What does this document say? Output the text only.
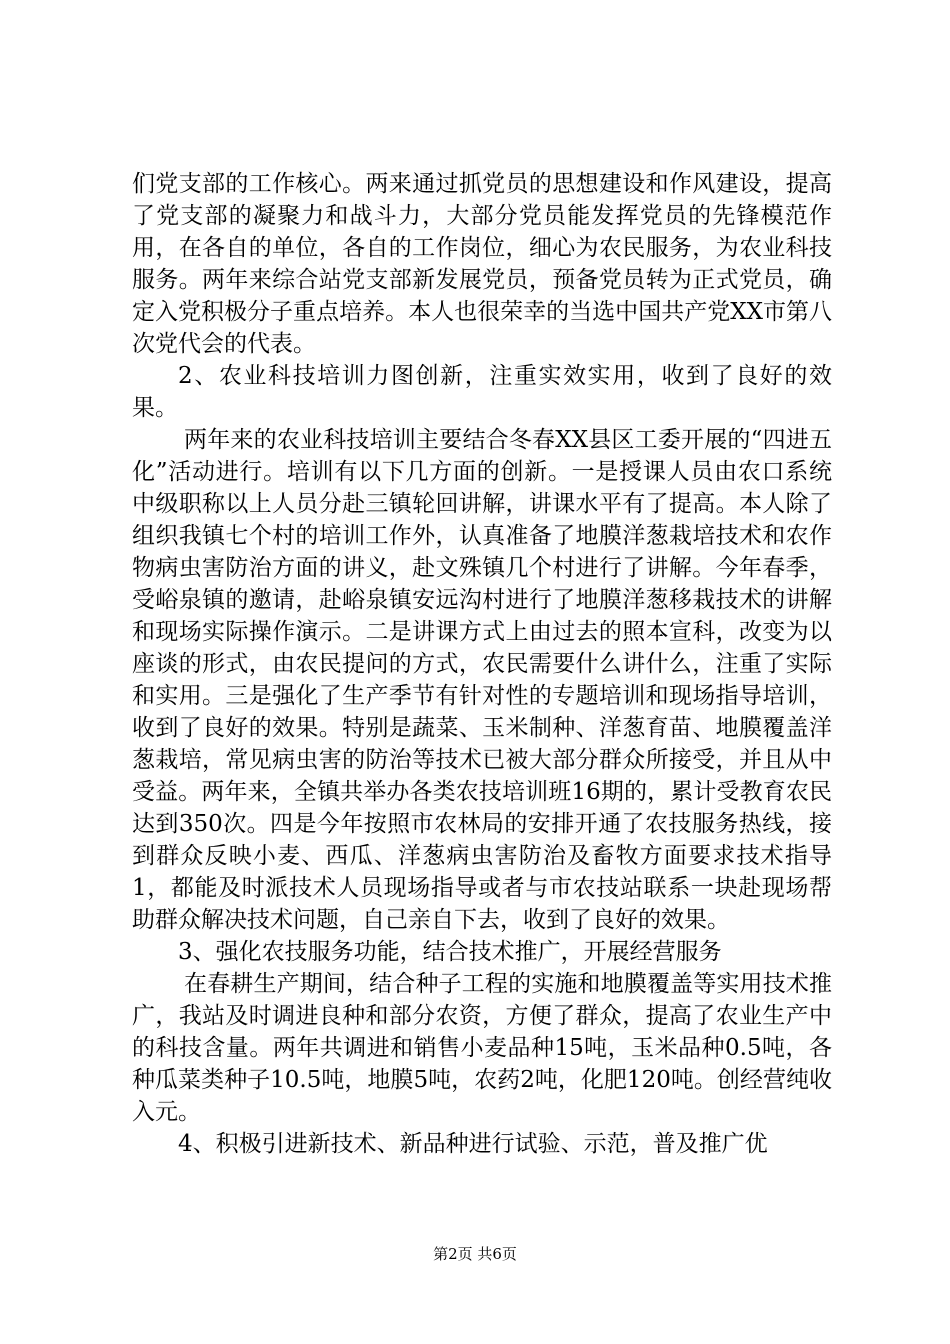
们党支部的工作核心。两来通过抓党员的思想建设和作风建设，提高了党支部的凝聚力和战斗力，大部分党员能发挥党员的先锋模范作用，在各自的单位，各自的工作岗位，细心为农民服务，为农业科技服务。两年来综合站党支部新发展党员，预备党员转为正式党员，确定入党积极分子重点培养。本人也很荣幸的当选中国共产党XX市第八次党代会的代表。

2、农业科技培训力图创新，注重实效实用，收到了良好的效果。

两年来的农业科技培训主要结合冬春XX县区工委开展的“四进五化”活动进行。培训有以下几方面的创新。一是授课人员由农口系统中级职称以上人员分赴三镇轮回讲解，讲课水平有了提高。本人除了组织我镇七个村的培训工作外，认真准备了地膜洋葱栽培技术和农作物病虫害防治方面的讲义，赴文殊镇几个村进行了讲解。今年春季，受峪泉镇的邀请，赴峪泉镇安远沟村进行了地膜洋葱移栽技术的讲解和现场实际操作演示。二是讲课方式上由过去的照本宣科，改变为以座谈的形式，由农民提问的方式，农民需要什么讲什么，注重了实际和实用。三是强化了生产季节有针对性的专题培训和现场指导培训，收到了良好的效果。特别是蔬菜、玉米制种、洋葱育苗、地膜覆盖洋葱栽培，常见病虫害的防治等技术已被大部分群众所接受，并且从中受益。两年来，全镇共举办各类农技培训班16期的，累计受教育农民达到350次。四是今年按照市农林局的安排开通了农技服务热线，接到群众反映小麦、西瓜、洋葱病虫害防治及畜牧方面要求技术指导1，都能及时派技术人员现场指导或者与市农技站联系一块赴现场帮助群众解决技术问题，自己亲自下去，收到了良好的效果。

3、强化农技服务功能，结合技术推广，开展经营服务

在春耕生产期间，结合种子工程的实施和地膜覆盖等实用技术推广，我站及时调进良种和部分农资，方便了群众，提高了农业生产中的科技含量。两年共调进和销售小麦品种15吨，玉米品种0.5吨，各种瓜菜类种子10.5吨，地膜5吨，农药2吨，化肥120吨。创经营纯收入元。

4、积极引进新技术、新品种进行试验、示范，普及推广优

第2页 共6页
